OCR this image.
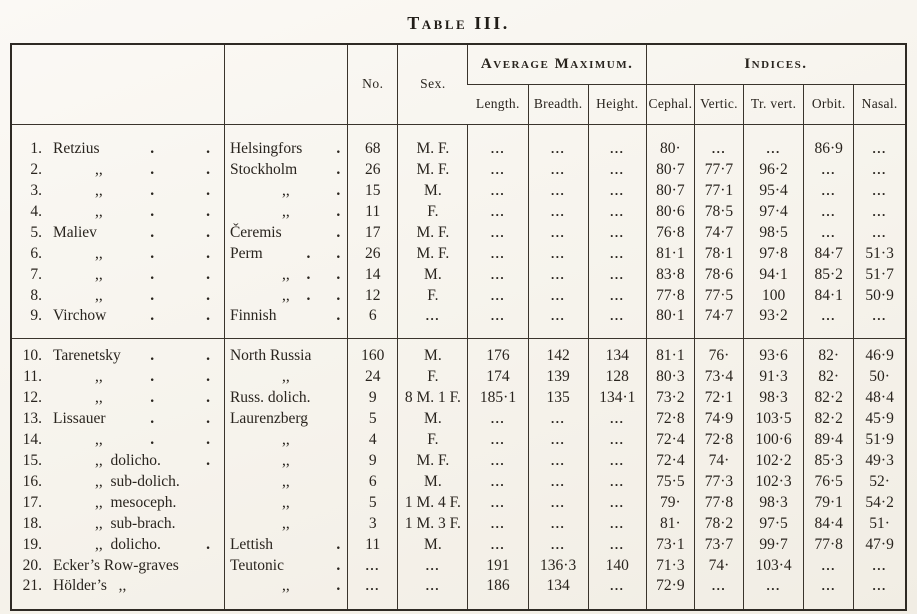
Table III.
		No.	Sex.	Average Maximum.			Indices.				
				Length.	Breadth.	Height.	Cephal.	Vertic.	Tr. vert.	Orbit.	Nasal.

1. Retzius . .	Helsingfors .	68	M. F.	...	...	...	80·	...	...	86·9	...

2. ,, . .	Stockholm .	26	M. F.	...	...	...	80·7	77·7	96·2	...	...

3. ,, . .	,, .	15	M.	...	...	...	80·7	77·1	95·4	...	...

4. ,, . .	,, .	11	F.	...	...	...	80·6	78·5	97·4	...	...

5. Maliev . .	Čeremis .	17	M. F.	...	...	...	76·8	74·7	98·5	...	...

6. ,, . .	Perm . .	26	M. F.	...	...	...	81·1	78·1	97·8	84·7	51·3

7. ,, . .	,, . .	14	M.	...	...	...	83·8	78·6	94·1	85·2	51·7

8. ,, . .	,, . .	12	F.	...	...	...	77·8	77·5	100	84·1	50·9

9. Virchow . .	Finnish .	6	...	...	...	...	80·1	74·7	93·2	...	...

10. Tarenetsky . .	North Russia	160	M.	176	142	134	81·1	76·	93·6	82·	46·9

11. ,, . .	,,	24	F.	174	139	128	80·3	73·4	91·3	82·	50·

12. ,, . .	Russ. dolich.	9	8 M. 1 F.	185·1	135	134·1	73·2	72·1	98·3	82·2	48·4

13. Lissauer . .	Laurenzberg	5	M.	...	...	...	72·8	74·9	103·5	82·2	45·9

14. ,, . .	,,	4	F.	...	...	...	72·4	72·8	100·6	89·4	51·9

15. ,,  dolicho. .	,,	9	M. F.	...	...	...	72·4	74·	102·2	85·3	49·3

16. ,,  sub-dolich.	,,	6	M.	...	...	...	75·5	77·3	102·3	76·5	52·

17. ,,  mesoceph.	,,	5	1 M. 4 F.	...	...	...	79·	77·8	98·3	79·1	54·2

18. ,,  sub-brach.	,,	3	1 M. 3 F.	...	...	...	81·	78·2	97·5	84·4	51·

19. ,,  dolicho. .	Lettish .	11	M.	...	...	...	73·1	73·7	99·7	77·8	47·9

20. Ecker’s Row-graves	Teutonic .	...	...	191	136·3	140	71·3	74·	103·4	...	...

21. Hölder’s   ,,	,, .	...	...	186	134	...	72·9	...	...	...	...
